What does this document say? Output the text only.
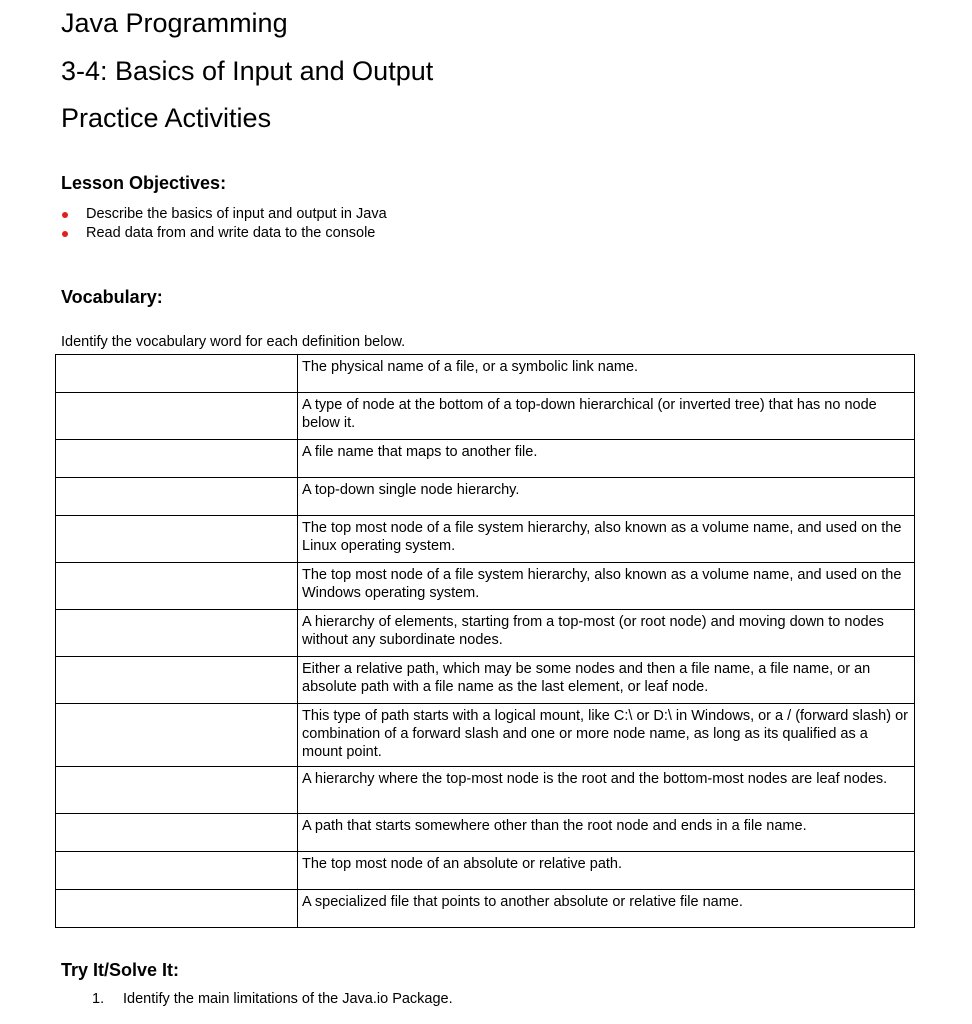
Java Programming
3-4: Basics of Input and Output
Practice Activities
Lesson Objectives:
Describe the basics of input and output in Java
Read data from and write data to the console
Vocabulary:

Identify the vocabulary word for each definition below.

	The physical name of a file, or a symbolic link name.
	A type of node at the bottom of a top-down hierarchical (or inverted tree) that has no node below it.
	A file name that maps to another file.
	A top-down single node hierarchy.
	The top most node of a file system hierarchy, also known as a volume name, and used on the Linux operating system.
	The top most node of a file system hierarchy, also known as a volume name, and used on the Windows operating system.
	A hierarchy of elements, starting from a top-most (or root node) and moving down to nodes without any subordinate nodes.
	Either a relative path, which may be some nodes and then a file name, a file name, or an absolute path with a file name as the last element, or leaf node.
	This type of path starts with a logical mount, like C:\ or D:\ in Windows, or a / (forward slash) or combination of a forward slash and one or more node name, as long as its qualified as a mount point.
	A hierarchy where the top-most node is the root and the bottom-most nodes are leaf nodes.
	A path that starts somewhere other than the root node and ends in a file name.
	The top most node of an absolute or relative path.
	A specialized file that points to another absolute or relative file name.
Try It/Solve It:
1. Identify the main limitations of the Java.io Package.
